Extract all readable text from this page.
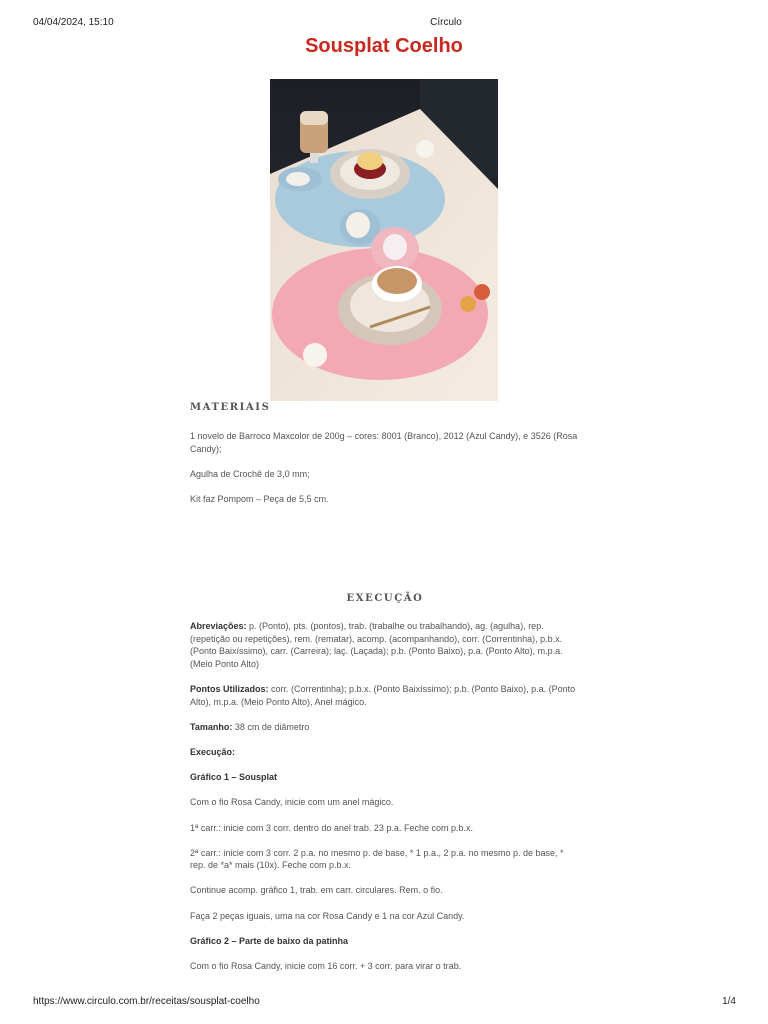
04/04/2024, 15:10	Círculo
Sousplat Coelho
MATERIAIS

1 novelo de Barroco Maxcolor de 200g – cores: 8001 (Branco), 2012 (Azul Candy), e 3526 (Rosa Candy);

Agulha de Crochê de 3,0 mm;

Kit faz Pompom – Peça de 5,5 cm.

EXECUÇÃO

Abreviações: p. (Ponto), pts. (pontos), trab. (trabalhe ou trabalhando), ag. (agulha), rep. (repetição ou repetições), rem. (rematar), acomp. (acompanhando), corr. (Correntinha), p.b.x. (Ponto Baixíssimo), carr. (Carreira); laç. (Laçada); p.b. (Ponto Baixo), p.a. (Ponto Alto), m.p.a. (Meio Ponto Alto)

Pontos Utilizados: corr. (Correntinha); p.b.x. (Ponto Baixíssimo); p.b. (Ponto Baixo), p.a. (Ponto Alto), m.p.a. (Meio Ponto Alto), Anel mágico.

Tamanho: 38 cm de diâmetro

Execução:

Gráfico 1 – Sousplat

Com o fio Rosa Candy, inicie com um anel mágico.

1ª carr.: inicie com 3 corr. dentro do anel trab. 23 p.a. Feche com p.b.x.

2ª carr.: inicie com 3 corr. 2 p.a. no mesmo p. de base, * 1 p.a., 2 p.a. no mesmo p. de base, * rep. de *a* mais (10x). Feche com p.b.x.

Continue acomp. gráfico 1, trab. em carr. circulares. Rem. o fio.

Faça 2 peças iguais, uma na cor Rosa Candy e 1 na cor Azul Candy.

Gráfico 2 – Parte de baixo da patinha

Com o fio Rosa Candy, inicie com 16 corr. + 3 corr. para virar o trab.

https://www.circulo.com.br/receitas/sousplat-coelho	1/4
